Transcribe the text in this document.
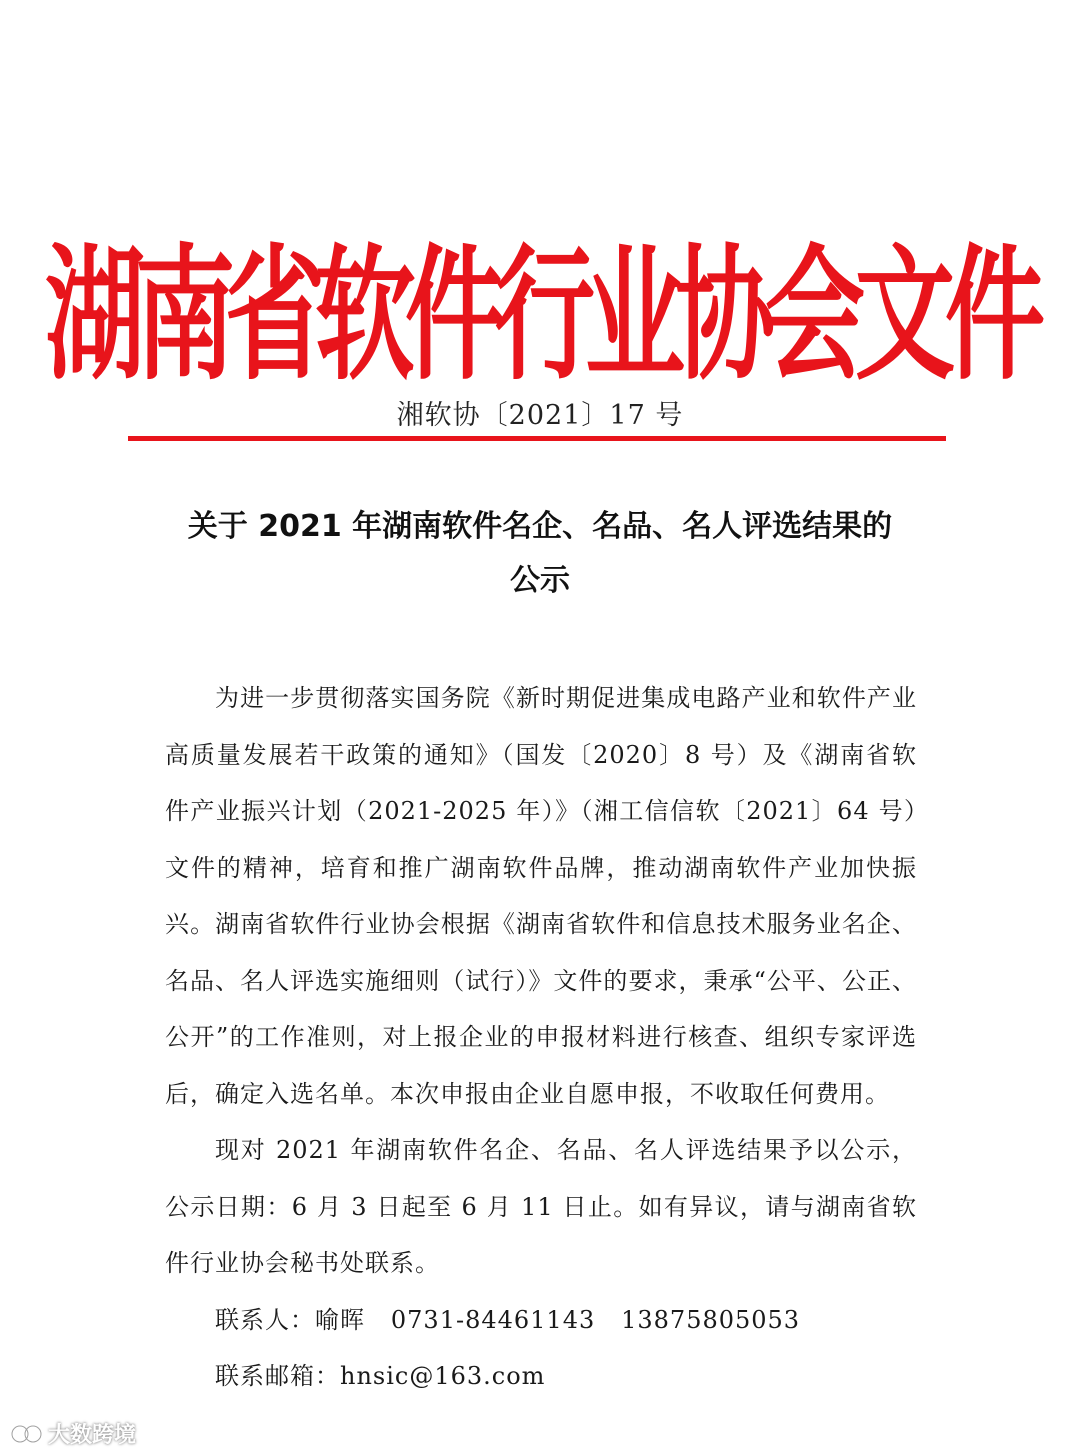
湖南省软件行业协会文件
湘软协〔2021〕17 号
关于 2021 年湖南软件名企、名品、名人评选结果的
公示

为进一步贯彻落实国务院《新时期促进集成电路产业和软件产业高质量发展若干政策的通知》（国发〔2020〕8 号）及《湖南省软件产业振兴计划（2021-2025 年）》（湘工信信软〔2021〕64 号）文件的精神，培育和推广湖南软件品牌，推动湖南软件产业加快振兴。湖南省软件行业协会根据《湖南省软件和信息技术服务业名企、名品、名人评选实施细则（试行）》文件的要求，秉承“公平、公正、公开”的工作准则，对上报企业的申报材料进行核查、组织专家评选后，确定入选名单。本次申报由企业自愿申报，不收取任何费用。

现对 2021 年湖南软件名企、名品、名人评选结果予以公示，公示日期：6 月 3 日起至 6 月 11 日止。如有异议，请与湖南省软件行业协会秘书处联系。

联系人：喻晖   0731-84461143   13875805053

联系邮箱：hnsic@163.com

大数跨境
